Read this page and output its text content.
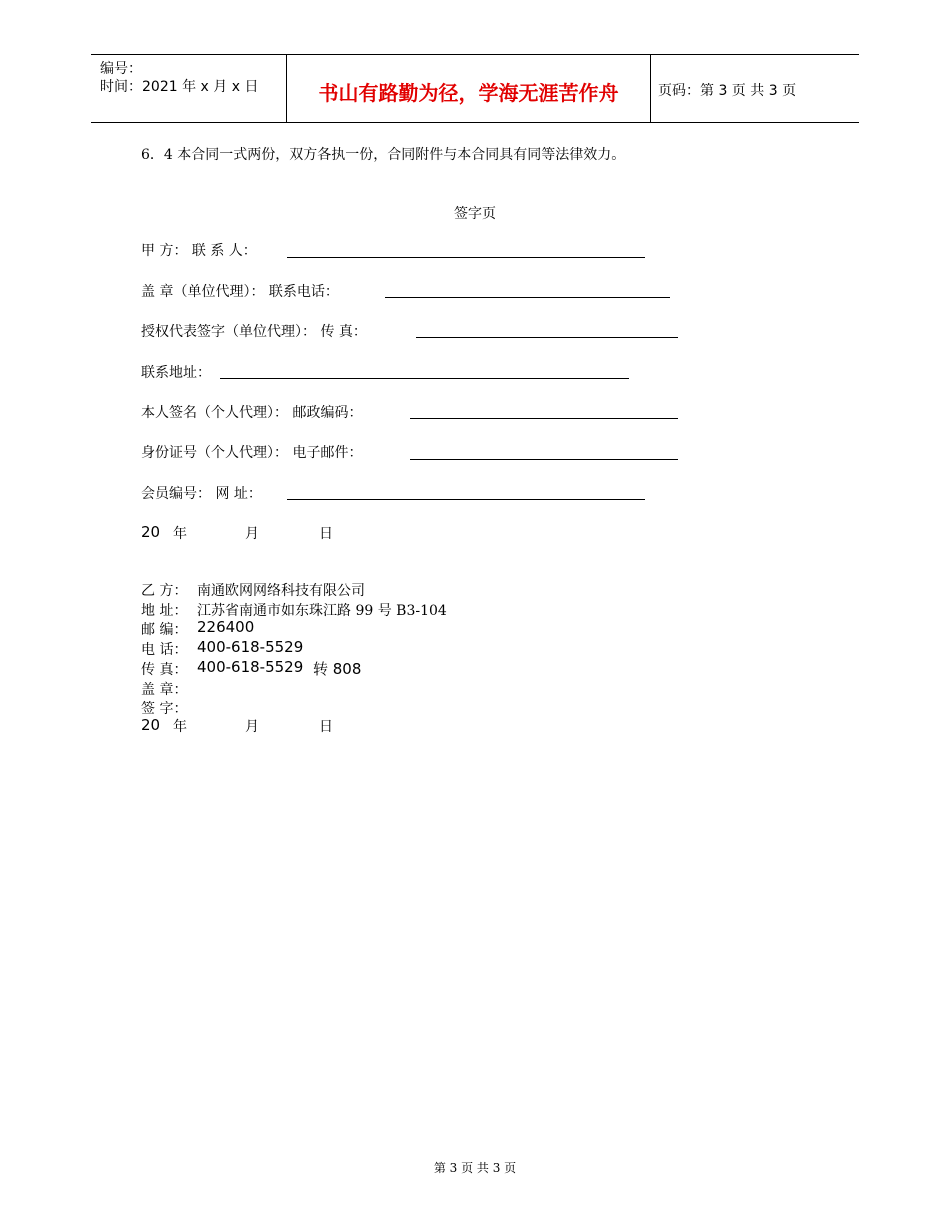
编号：
时间：2021 年 x 月 x 日	书山有路勤为径，学海无涯苦作舟	页码：第 3 页 共 3 页
6．4 本合同一式两份，双方各执一份，合同附件与本合同具有同等法律效力。
签字页
甲 方： 联 系 人：
盖 章（单位代理）： 联系电话：
授权代表签字（单位代理）： 传 真：
联系地址：
本人签名（个人代理）： 邮政编码：
身份证号（个人代理）： 电子邮件：
会员编号： 网 址：
20 年	月	日
乙 方： 南通欧网网络科技有限公司
地 址： 江苏省南通市如东珠江路 99 号 B3-104
邮 编： 226400
电 话： 400-618-5529
传 真： 400-618-5529 转 808
盖 章：
签 字：
20 年	月	日
第 3 页 共 3 页
